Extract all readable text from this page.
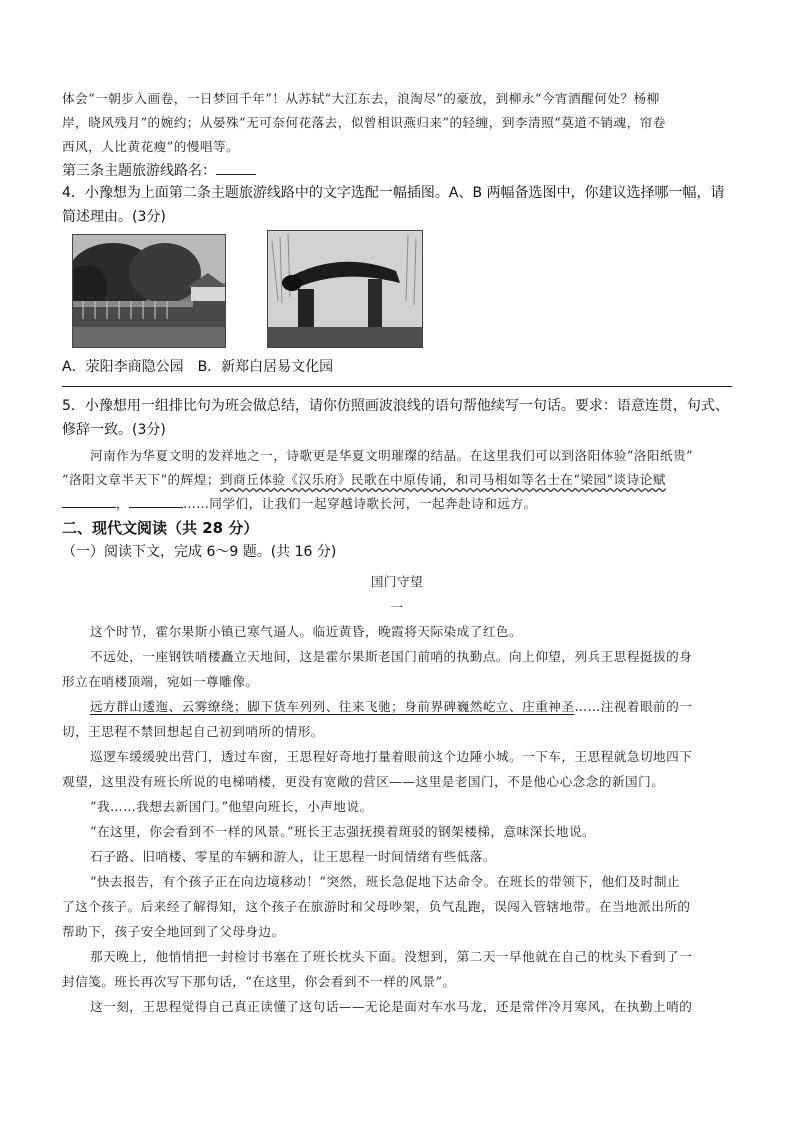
体会“一朝步入画卷，一日梦回千年”！从苏轼“大江东去，浪淘尽”的豪放，到柳永“今宵酒醒何处？杨柳
岸，晓风残月”的婉约；从晏殊“无可奈何花落去，似曾相识燕归来”的轻缠，到李清照“莫道不销魂，帘卷
西风，人比黄花瘦”的慢唱等。
第三条主题旅游线路名：
4．小豫想为上面第二条主题旅游线路中的文字选配一幅插图。A、B 两幅备选图中，你建议选择哪一幅，请
简述理由。(3分)
A．荥阳李商隐公园　B．新郑白居易文化园
5．小豫想用一组排比句为班会做总结，请你仿照画波浪线的语句帮他续写一句话。要求：语意连贯，句式、
修辞一致。(3分)
河南作为华夏文明的发祥地之一，诗歌更是华夏文明璀璨的结晶。在这里我们可以到洛阳体验“洛阳纸贵”
“洛阳文章半天下”的辉煌；到商丘体验《汉乐府》民歌在中原传诵，和司马相如等名士在“梁园”谈诗论赋
，	……同学们，让我们一起穿越诗歌长河，一起奔赴诗和远方。
二、现代文阅读（共 28 分）
（一）阅读下文，完成 6～9 题。(共 16 分)
国门守望
一
这个时节，霍尔果斯小镇已寒气逼人。临近黄昏，晚霞将天际染成了红色。
不远处，一座钢铁哨楼矗立天地间，这是霍尔果斯老国门前哨的执勤点。向上仰望，列兵王思程挺拔的身
形立在哨楼顶端，宛如一尊雕像。
远方群山逶迤、云雾缭绕；脚下货车列列、往来飞驰；身前界碑巍然屹立、庄重神圣……注视着眼前的一
切，王思程不禁回想起自己初到哨所的情形。
巡逻车缓缓驶出营门，透过车窗，王思程好奇地打量着眼前这个边陲小城。一下车，王思程就急切地四下
观望，这里没有班长所说的电梯哨楼，更没有宽敞的营区——这里是老国门，不是他心心念念的新国门。
“我……我想去新国门。”他望向班长，小声地说。
“在这里，你会看到不一样的风景。”班长王志强抚摸着斑驳的钢架楼梯，意味深长地说。
石子路、旧哨楼、零星的车辆和游人，让王思程一时间情绪有些低落。
“快去报告，有个孩子正在向边境移动！”突然，班长急促地下达命令。在班长的带领下，他们及时制止
了这个孩子。后来经了解得知，这个孩子在旅游时和父母吵架，负气乱跑，误闯入管辖地带。在当地派出所的
帮助下，孩子安全地回到了父母身边。
那天晚上，他悄悄把一封检讨书塞在了班长枕头下面。没想到，第二天一早他就在自己的枕头下看到了一
封信笺。班长再次写下那句话，“在这里，你会看到不一样的风景”。
这一刻，王思程觉得自己真正读懂了这句话——无论是面对车水马龙，还是常伴冷月寒风，在执勤上哨的
